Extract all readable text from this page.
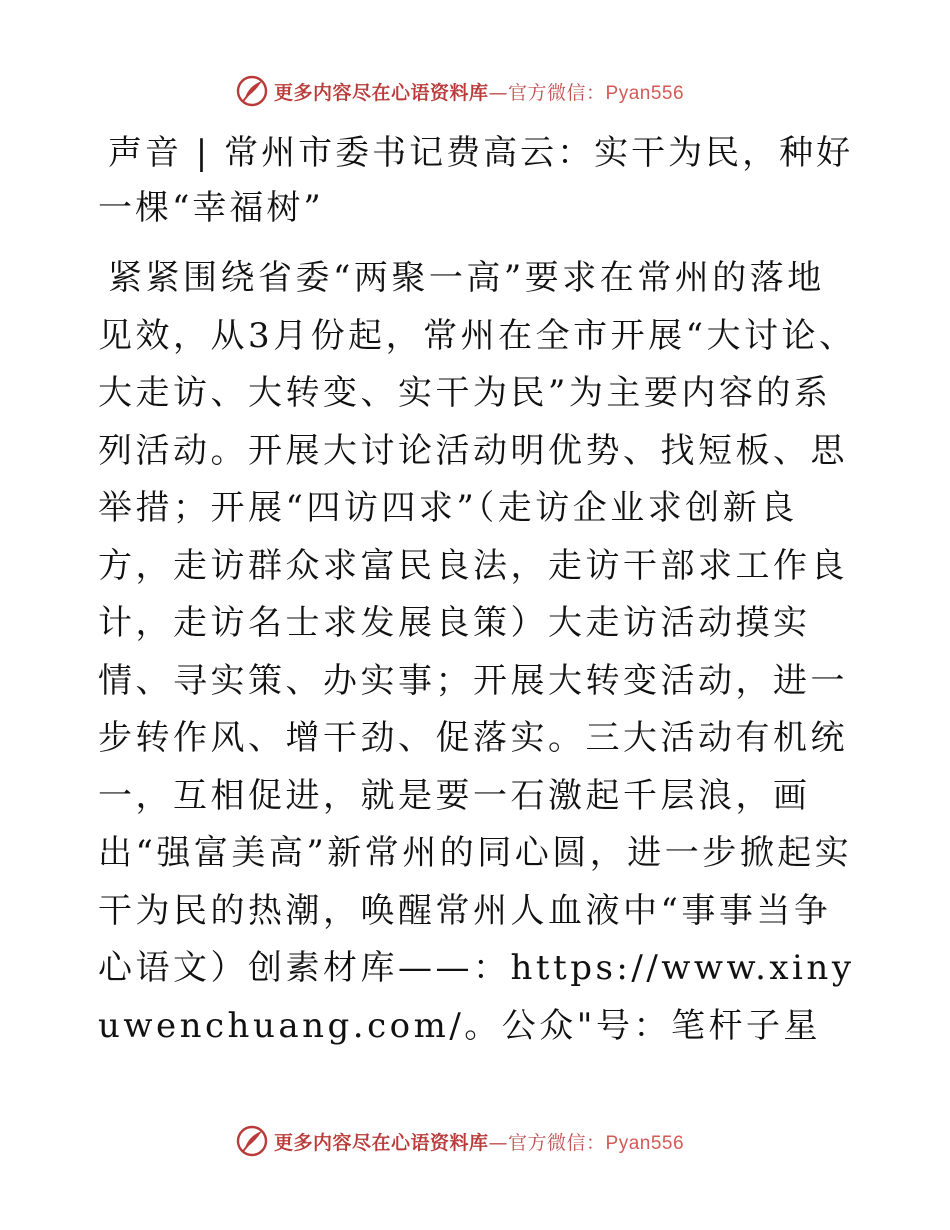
更多内容尽在心语资料库—官方微信：Pyan556
声音 | 常州市委书记费高云：实干为民，种好一棵“幸福树”

紧紧围绕省委“两聚一高”要求在常州的落地见效，从3月份起，常州在全市开展“大讨论、大走访、大转变、实干为民”为主要内容的系列活动。开展大讨论活动明优势、找短板、思举措；开展“四访四求”（走访企业求创新良方，走访群众求富民良法，走访干部求工作良计，走访名士求发展良策）大走访活动摸实情、寻实策、办实事；开展大转变活动，进一步转作风、增干劲、促落实。三大活动有机统一，互相促进，就是要一石激起千层浪，画出“强富美高”新常州的同心圆，进一步掀起实干为民的热潮，唤醒常州人血液中“事事当争心语文）创素材库——：https://www.xinyuwenchuang.com/。公众"号：笔杆子星

更多内容尽在心语资料库—官方微信：Pyan556
